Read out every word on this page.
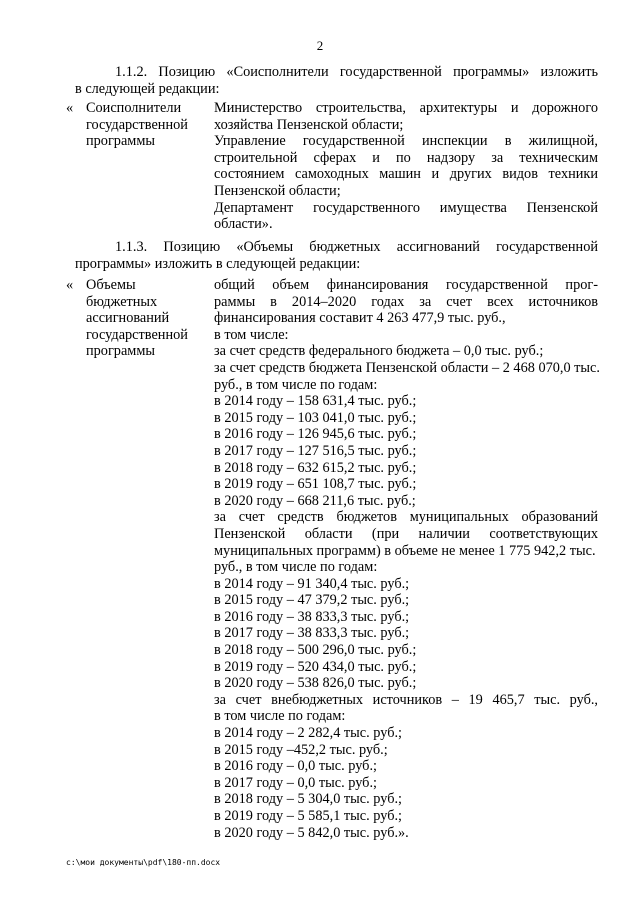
2
1.1.2. Позицию «Соисполнители государственной программы» изложить
в следующей редакции:
« Соисполнители
государственной
программы
Министерство строительства, архитектуры и дорожного
хозяйства Пензенской области;
Управление государственной инспекции в жилищной,
строительной сферах и по надзору за техническим
состоянием самоходных машин и других видов техники
Пензенской области;
Департамент государственного имущества Пензенской
области».
1.1.3. Позицию «Объемы бюджетных ассигнований государственной
программы» изложить в следующей редакции:
« Объемы
бюджетных
ассигнований
государственной
программы
общий объем финансирования государственной прог-
раммы в 2014–2020 годах за счет всех источников
финансирования составит 4 263 477,9 тыс. руб.,
в том числе:
за счет средств федерального бюджета – 0,0 тыс. руб.;
за счет средств бюджета Пензенской области – 2 468 070,0 тыс.
руб., в том числе по годам:
в 2014 году – 158 631,4 тыс. руб.;
в 2015 году – 103 041,0 тыс. руб.;
в 2016 году – 126 945,6 тыс. руб.;
в 2017 году – 127 516,5 тыс. руб.;
в 2018 году – 632 615,2 тыс. руб.;
в 2019 году – 651 108,7 тыс. руб.;
в 2020 году – 668 211,6 тыс. руб.;
за счет средств бюджетов муниципальных образований
Пензенской области (при наличии соответствующих
муниципальных программ) в объеме не менее 1 775 942,2 тыс.
руб., в том числе по годам:
в 2014 году – 91 340,4 тыс. руб.;
в 2015 году – 47 379,2 тыс. руб.;
в 2016 году – 38 833,3 тыс. руб.;
в 2017 году – 38 833,3 тыс. руб.;
в 2018 году – 500 296,0 тыс. руб.;
в 2019 году – 520 434,0 тыс. руб.;
в 2020 году – 538 826,0 тыс. руб.;
за счет внебюджетных источников – 19 465,7 тыс. руб.,
в том числе по годам:
в 2014 году – 2 282,4 тыс. руб.;
в 2015 году –452,2 тыс. руб.;
в 2016 году – 0,0 тыс. руб.;
в 2017 году – 0,0 тыс. руб.;
в 2018 году – 5 304,0 тыс. руб.;
в 2019 году – 5 585,1 тыс. руб.;
в 2020 году – 5 842,0 тыс. руб.».
c:\мои документы\pdf\180-пп.docx
